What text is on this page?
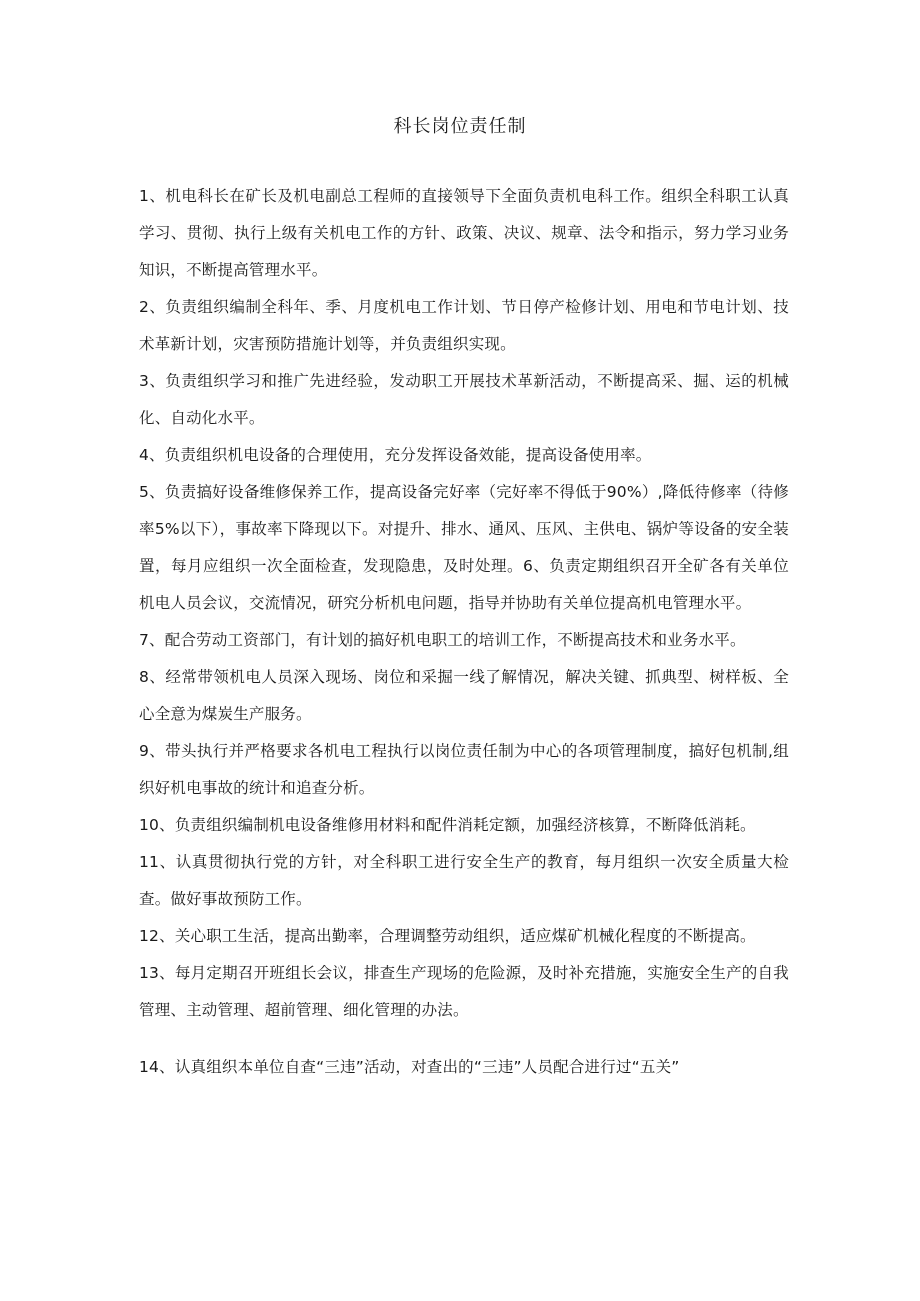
科长岗位责任制

1、机电科长在矿长及机电副总工程师的直接领导下全面负责机电科工作。组织全科职工认真学习、贯彻、执行上级有关机电工作的方针、政策、决议、规章、法令和指示，努力学习业务知识，不断提高管理水平。

2、负责组织编制全科年、季、月度机电工作计划、节日停产检修计划、用电和节电计划、技术革新计划，灾害预防措施计划等，并负责组织实现。

3、负责组织学习和推广先进经验，发动职工开展技术革新活动，不断提高采、掘、运的机械化、自动化水平。

4、负责组织机电设备的合理使用，充分发挥设备效能，提高设备使用率。

5、负责搞好设备维修保养工作，提高设备完好率（完好率不得低于90%）,降低待修率（待修率5%以下），事故率下降现以下。对提升、排水、通风、压风、主供电、锅炉等设备的安全装置，每月应组织一次全面检查，发现隐患，及时处理。6、负责定期组织召开全矿各有关单位机电人员会议，交流情况，研究分析机电问题，指导并协助有关单位提高机电管理水平。

7、配合劳动工资部门，有计划的搞好机电职工的培训工作，不断提高技术和业务水平。

8、经常带领机电人员深入现场、岗位和采掘一线了解情况，解决关键、抓典型、树样板、全心全意为煤炭生产服务。

9、带头执行并严格要求各机电工程执行以岗位责任制为中心的各项管理制度，搞好包机制,组织好机电事故的统计和追查分析。

10、负责组织编制机电设备维修用材料和配件消耗定额，加强经济核算，不断降低消耗。

11、认真贯彻执行党的方针，对全科职工进行安全生产的教育，每月组织一次安全质量大检查。做好事故预防工作。

12、关心职工生活，提高出勤率，合理调整劳动组织，适应煤矿机械化程度的不断提高。

13、每月定期召开班组长会议，排查生产现场的危险源，及时补充措施，实施安全生产的自我管理、主动管理、超前管理、细化管理的办法。

14、认真组织本单位自查“三违”活动，对查出的“三违”人员配合进行过“五关”
